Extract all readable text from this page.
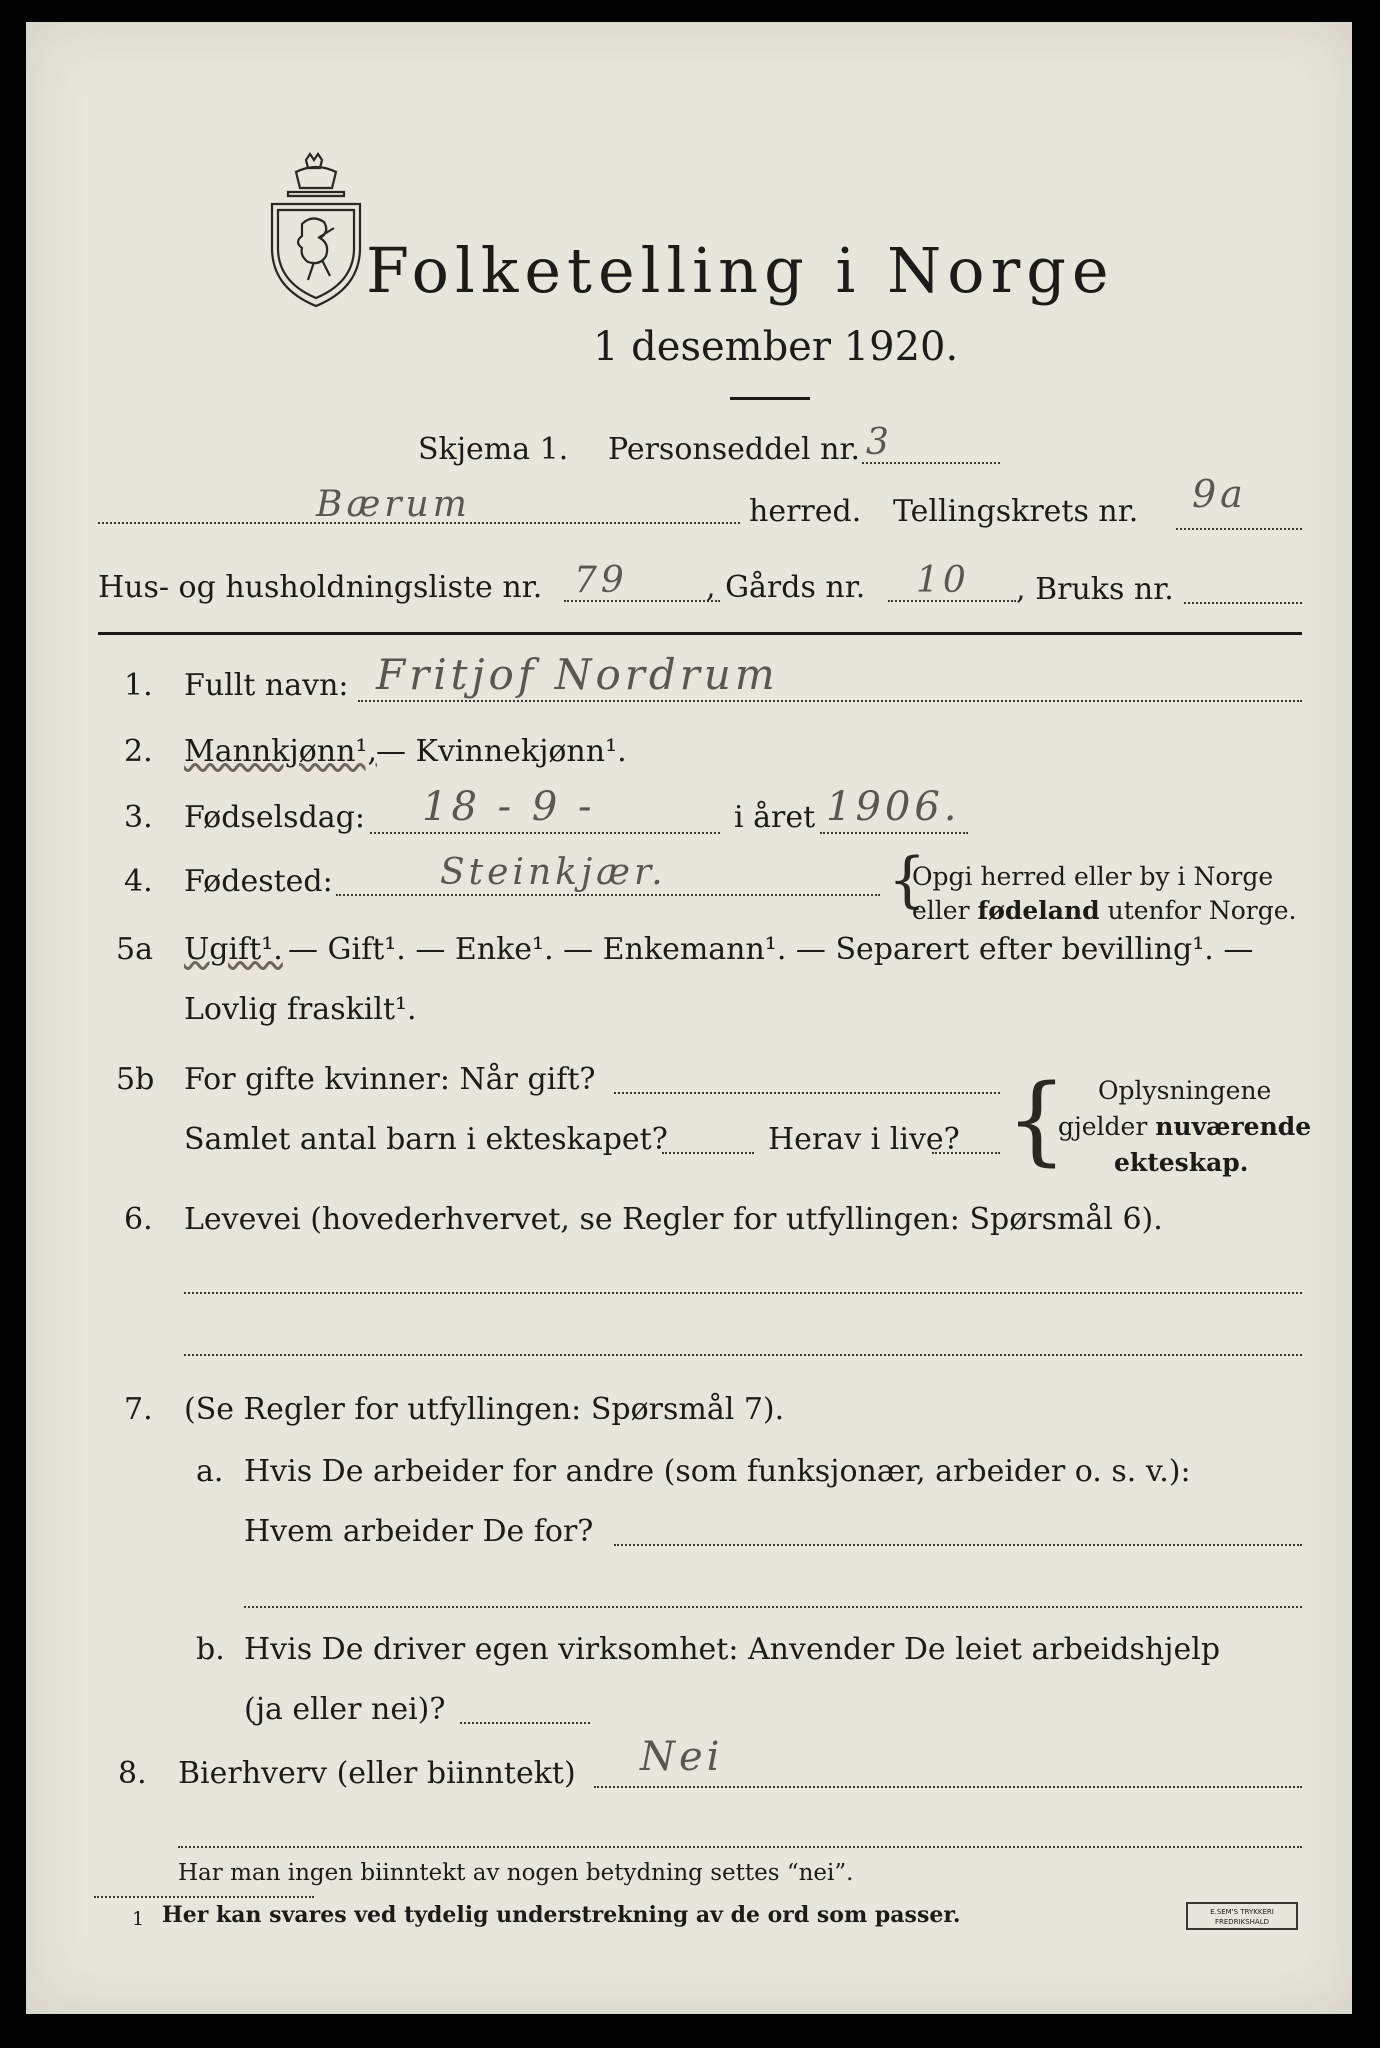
Folketelling i Norge
1 desember 1920.
Skjema 1. Personseddel nr. 3
Bærum	herred. Tellingskrets nr. 9a
Hus- og husholdningsliste nr. 79	, Gårds nr. 10 , Bruks nr.
1. Fullt navn: Fritjof Nordrum
2. Mannkjønn¹, — Kvinnekjønn¹.
3. Fødselsdag: 18 - 9 -	i året 1906.
4. Fødested:	Steinkjær.	{
Opgi herred eller by i Norge
eller fødeland utenfor Norge.
5a Ugift¹. — Gift¹. — Enke¹. — Enkemann¹. — Separert efter bevilling¹. —
Lovlig fraskilt¹.
5b For gifte kvinner: Når gift?
Samlet antal barn i ekteskapet?	Herav i live? { Oplysningene
gjelder nuværende
ekteskap.
6. Levevei (hovederhvervet, se Regler for utfyllingen: Spørsmål 6).
7. (Se Regler for utfyllingen: Spørsmål 7).
a. Hvis De arbeider for andre (som funksjonær, arbeider o. s. v.):
Hvem arbeider De for?
b. Hvis De driver egen virksomhet: Anvender De leiet arbeidshjelp
(ja eller nei)?
8. Bierhverv (eller biinntekt) Nei
Har man ingen biinntekt av nogen betydning settes “nei”.
1 Her kan svares ved tydelig understrekning av de ord som passer.	E.SEM'S TRYKKERI
FREDRIKSHALD
